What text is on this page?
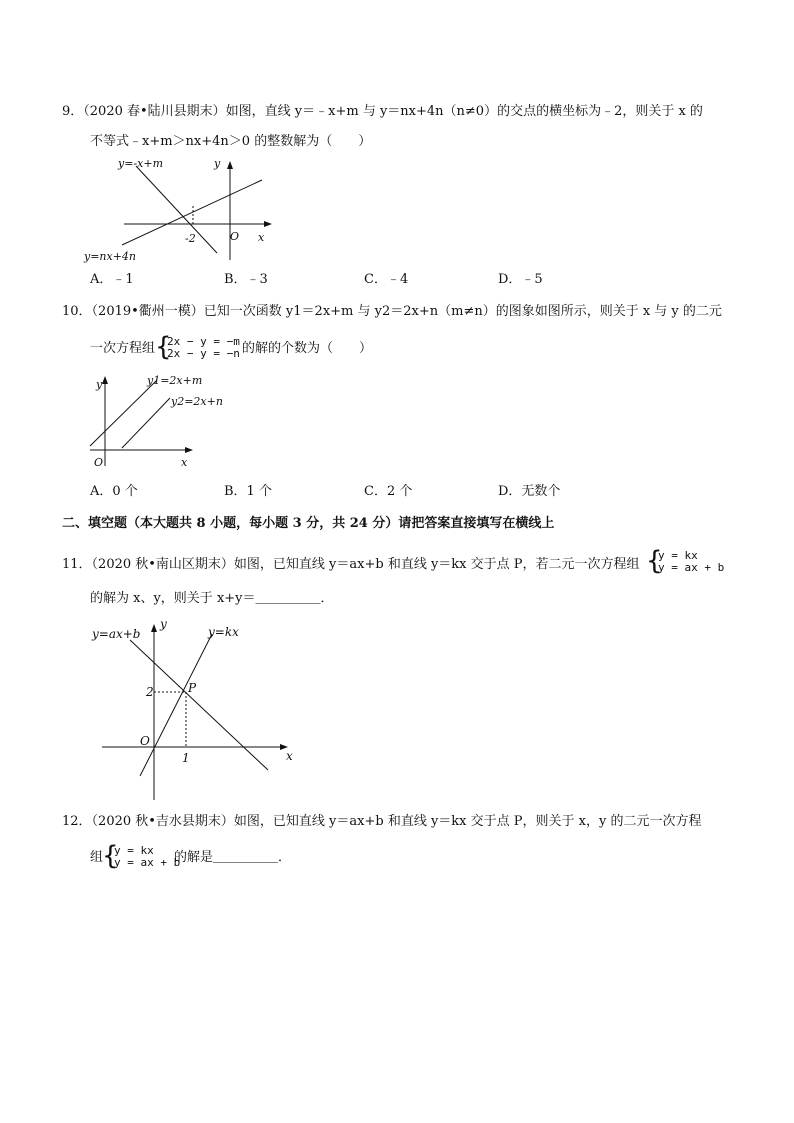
9．（2020 春•陆川县期末）如图，直线 y＝﹣x+m 与 y＝nx+4n（n≠0）的交点的横坐标为﹣2，则关于 x 的
不等式﹣x+m＞nx+4n＞0 的整数解为（　　）
y=-x+m
y=nx+4n
y
x
O
-2
A．﹣1	B．﹣3	C．﹣4	D．﹣5
10．（2019•衢州一模）已知一次函数 y1＝2x+m 与 y2＝2x+n（m≠n）的图象如图所示，则关于 x 与 y 的二元
一次方程组 {
2x − y = −m
2x − y = −n 的解的个数为（　　）
y
x
O
y1=2x+m
y2=2x+n
A．0 个	B．1 个	C．2 个	D．无数个
二、填空题（本大题共 8 小题，每小题 3 分，共 24 分）请把答案直接填写在横线上
11．（2020 秋•南山区期末）如图，已知直线 y＝ax+b 和直线 y＝kx 交于点 P，若二元一次方程组 {
y = kx
y = ax + b
的解为 x、y，则关于 x+y＝＿＿＿＿＿．
y=ax+b	y=kx
y
x
O
2
1
P
12．（2020 秋•吉水县期末）如图，已知直线 y＝ax+b 和直线 y＝kx 交于点 P，则关于 x，y 的二元一次方程
组
{
y = kx
y = ax + b
的解是＿＿＿＿＿．
